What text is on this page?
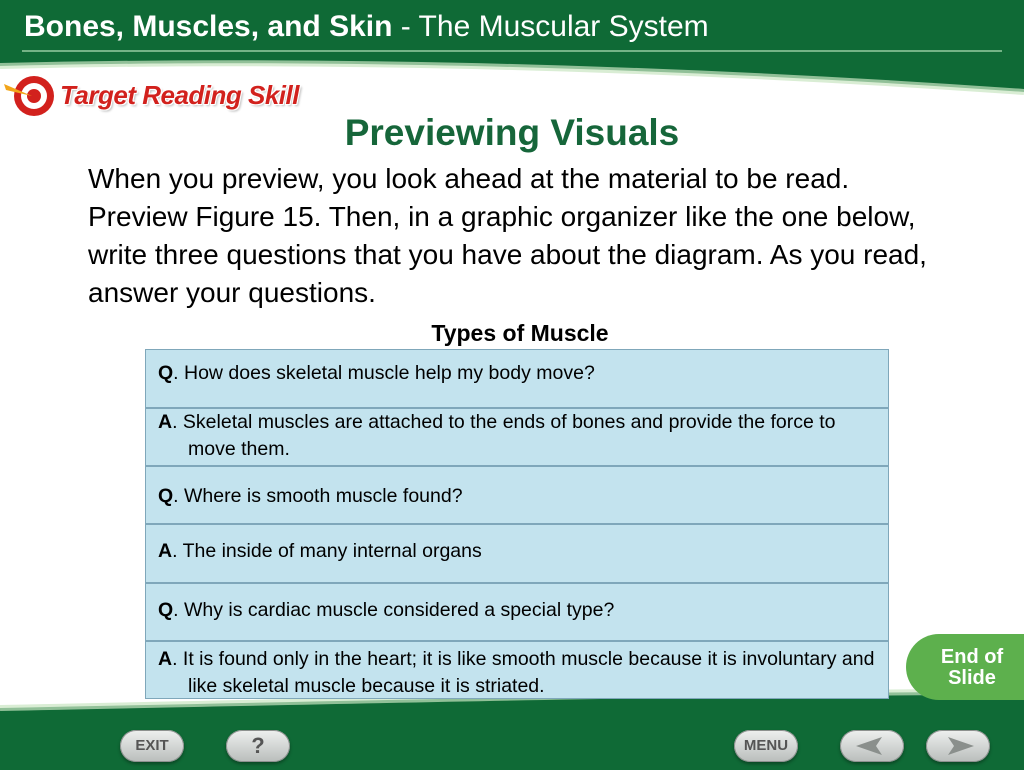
Bones, Muscles, and Skin - The Muscular System
Target Reading Skill
Previewing Visuals
When you preview, you look ahead at the material to be read. Preview Figure 15. Then, in a graphic organizer like the one below, write three questions that you have about the diagram. As you read, answer your questions.
Types of Muscle
Q. How does skeletal muscle help my body move?
A. Skeletal muscles are attached to the ends of bones and provide the force to move them.
Q. Where is smooth muscle found?
A. The inside of many internal organs
Q. Why is cardiac muscle considered a special type?
A. It is found only in the heart; it is like smooth muscle because it is involuntary and like skeletal muscle because it is striated.
End of
Slide
EXIT	?	MENU
